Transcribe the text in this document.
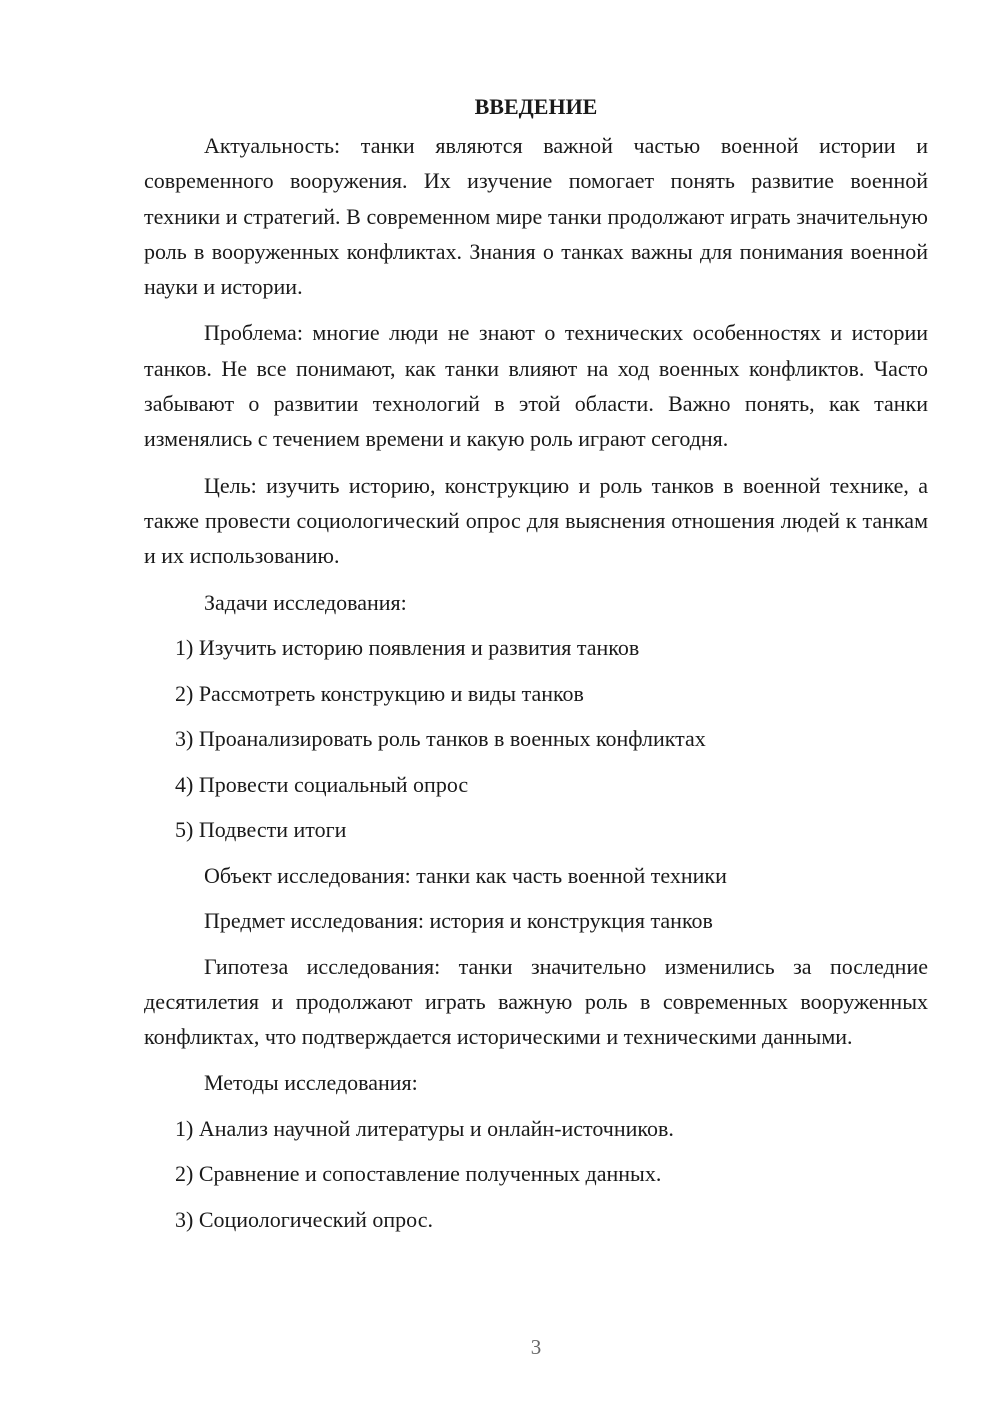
ВВЕДЕНИЕ

Актуальность: танки являются важной частью военной истории и современного вооружения. Их изучение помогает понять развитие военной техники и стратегий. В современном мире танки продолжают играть значительную роль в вооруженных конфликтах. Знания о танках важны для понимания военной науки и истории.

Проблема: многие люди не знают о технических особенностях и истории танков. Не все понимают, как танки влияют на ход военных конфликтов. Часто забывают о развитии технологий в этой области. Важно понять, как танки изменялись с течением времени и какую роль играют сегодня.

Цель: изучить историю, конструкцию и роль танков в военной технике, а также провести социологический опрос для выяснения отношения людей к танкам и их использованию.

Задачи исследования:
1) Изучить историю появления и развития танков
2) Рассмотреть конструкцию и виды танков
3) Проанализировать роль танков в военных конфликтах
4) Провести социальный опрос
5) Подвести итоги
Объект исследования: танки как часть военной техники
Предмет исследования: история и конструкция танков

Гипотеза исследования: танки значительно изменились за последние десятилетия и продолжают играть важную роль в современных вооруженных конфликтах, что подтверждается историческими и техническими данными.

Методы исследования:
1) Анализ научной литературы и онлайн-источников.
2) Сравнение и сопоставление полученных данных.
3) Социологический опрос.
3
